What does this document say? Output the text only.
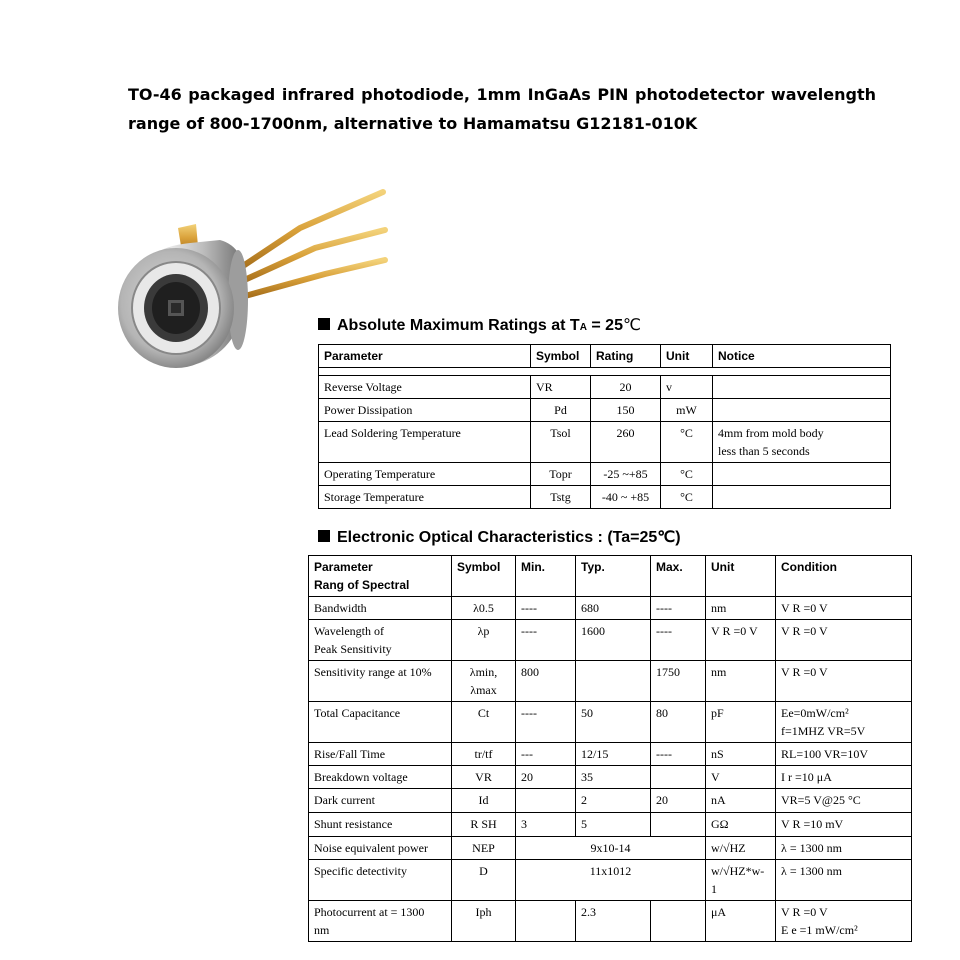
TO-46 packaged infrared photodiode, 1mm InGaAs PIN photodetector wavelength range of 800-1700nm, alternative to Hamamatsu G12181-010K
Absolute Maximum Ratings at TA = 25℃
Parameter	Symbol	Rating	Unit	Notice

Reverse Voltage	VR	20	v	
Power Dissipation	Pd	150	mW	
Lead Soldering Temperature	Tsol	260	°C	4mm from mold body
less than 5 seconds
Operating Temperature	Topr	-25 ~+85	°C	
Storage Temperature	Tstg	-40 ~ +85	°C	
Electronic Optical Characteristics : (Ta=25℃)
Parameter
Rang of Spectral	Symbol	Min.	Typ.	Max.	Unit	Condition
Bandwidth	λ0.5	----	680	----	nm	V R =0 V
Wavelength of
Peak Sensitivity	λp	----	1600	----	V R =0 V	V R =0 V
Sensitivity range at 10%	λmin,
λmax	800		1750	nm	V R =0 V
Total Capacitance	Ct	----	50	80	pF	Ee=0mW/cm²
f=1MHZ VR=5V
Rise/Fall Time	tr/tf	---	12/15	----	nS	RL=100 VR=10V
Breakdown voltage	VR	20	35		V	I r =10 μA
Dark current	Id		2	20	nA	VR=5 V@25 °C
Shunt resistance	R SH	3	5		GΩ	V R =10 mV
Noise equivalent power	NEP	9x10-14			w/√HZ	λ = 1300 nm
Specific detectivity	D	11x1012			w/√HZ*w-1	λ = 1300 nm
Photocurrent at = 1300
nm	Iph		2.3		μA	V R =0 V
E e =1 mW/cm²
